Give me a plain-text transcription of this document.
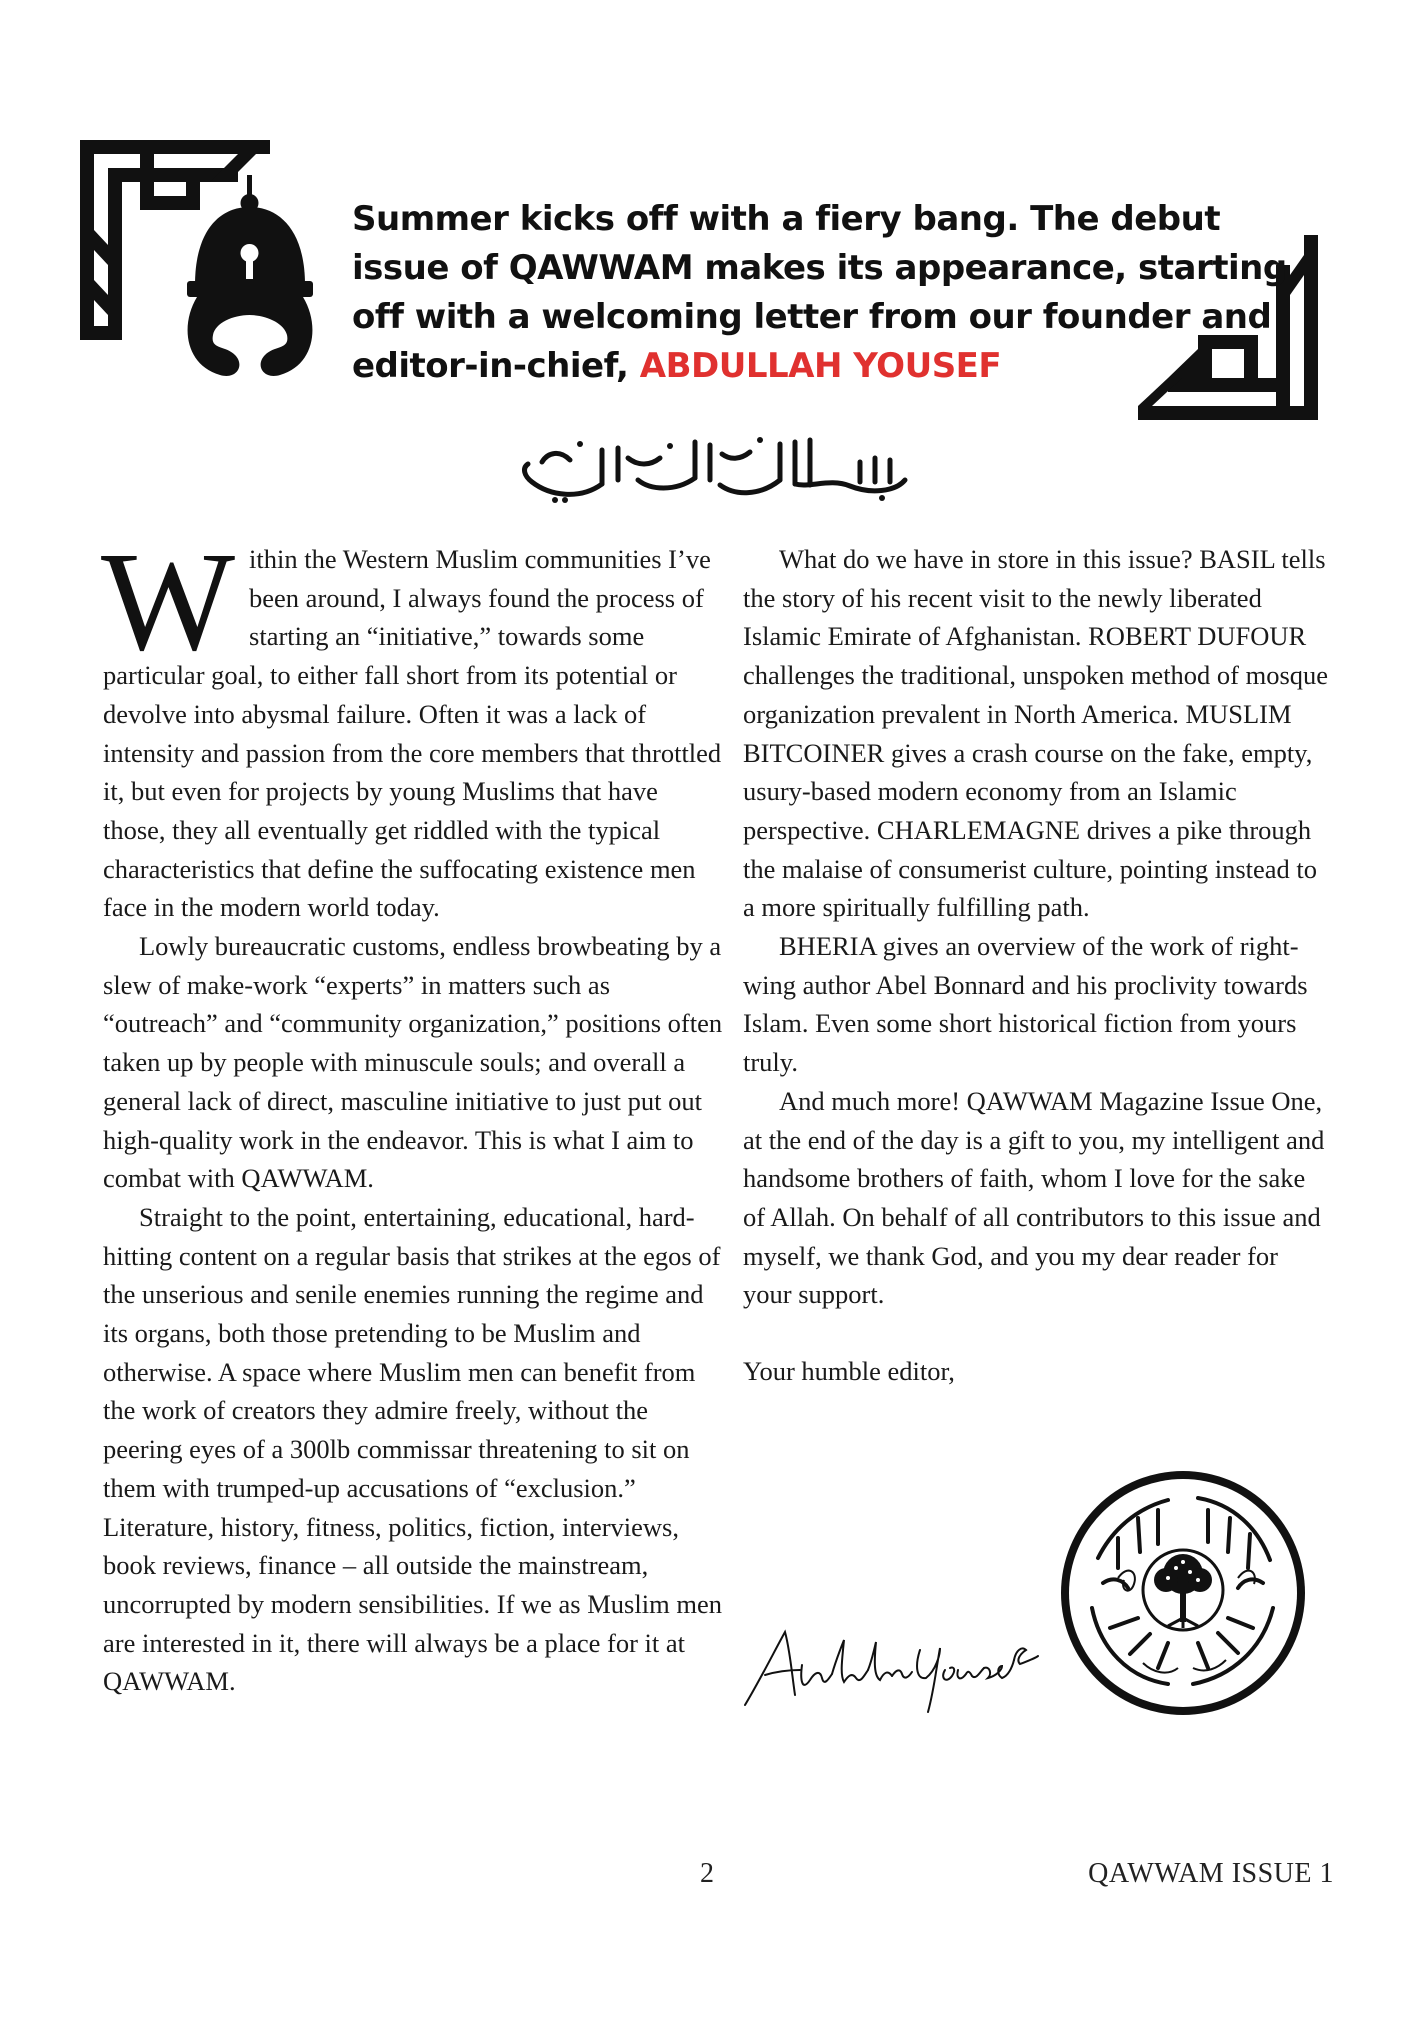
Summer kicks off with a fiery bang. The debut issue of QAWWAM makes its appearance, starting off with a welcoming letter from our founder and editor-in-chief, ABDULLAH YOUSEF

Within the Western Muslim communities I’ve been around, I always found the process of starting an “initiative,” towards some particular goal, to either fall short from its potential or devolve into abysmal failure. Often it was a lack of intensity and passion from the core members that throttled it, but even for projects by young Muslims that have those, they all eventually get riddled with the typical characteristics that define the suffocating existence men face in the modern world today.

Lowly bureaucratic customs, endless browbeating by a slew of make-work “experts” in matters such as “outreach” and “community organization,” positions often taken up by people with minuscule souls; and overall a general lack of direct, masculine initiative to just put out high-quality work in the endeavor. This is what I aim to combat with QAWWAM.

Straight to the point, entertaining, educational, hard-hitting content on a regular basis that strikes at the egos of the unserious and senile enemies running the regime and its organs, both those pretending to be Muslim and otherwise. A space where Muslim men can benefit from the work of creators they admire freely, without the peering eyes of a 300lb commissar threatening to sit on them with trumped-up accusations of “exclusion.” Literature, history, fitness, politics, fiction, interviews, book reviews, finance – all outside the mainstream, uncorrupted by modern sensibilities. If we as Muslim men are interested in it, there will always be a place for it at QAWWAM.

What do we have in store in this issue? BASIL tells the story of his recent visit to the newly liberated Islamic Emirate of Afghanistan. ROBERT DUFOUR challenges the traditional, unspoken method of mosque organization prevalent in North America. MUSLIM BITCOINER gives a crash course on the fake, empty, usury-based modern economy from an Islamic perspective. CHARLEMAGNE drives a pike through the malaise of consumerist culture, pointing instead to a more spiritually fulfilling path.

BHERIA gives an overview of the work of right-wing author Abel Bonnard and his proclivity towards Islam. Even some short historical fiction from yours truly.

And much more! QAWWAM Magazine Issue One, at the end of the day is a gift to you, my intelligent and handsome brothers of faith, whom I love for the sake of Allah. On behalf of all contributors to this issue and myself, we thank God, and you my dear reader for your support.

Your humble editor,

2	QAWWAM ISSUE 1
